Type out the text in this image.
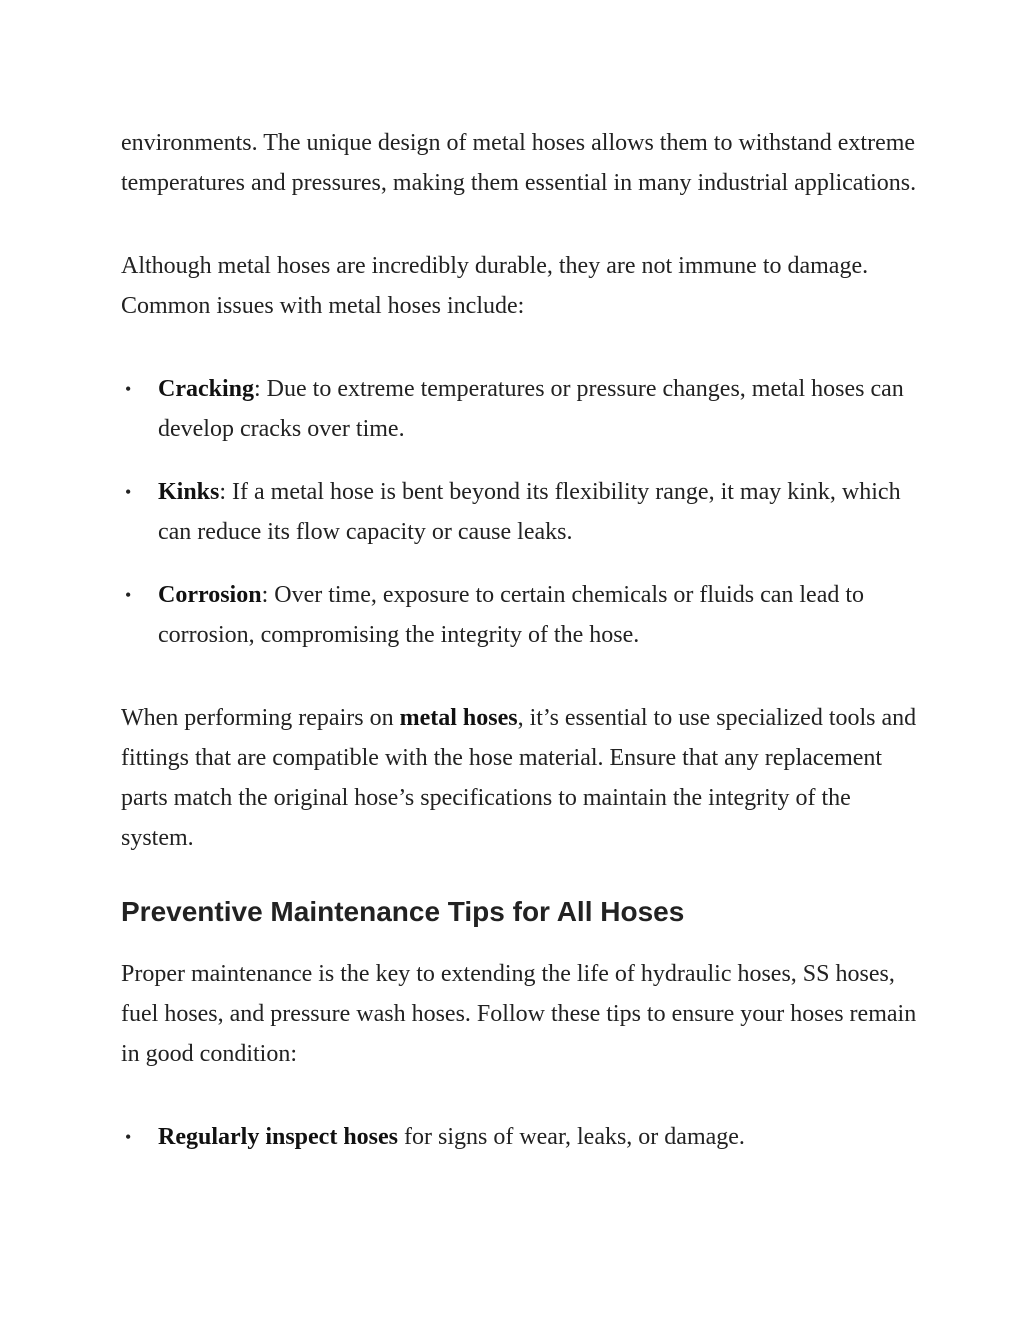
environments. The unique design of metal hoses allows them to withstand extreme temperatures and pressures, making them essential in many industrial applications.

Although metal hoses are incredibly durable, they are not immune to damage. Common issues with metal hoses include:

• Cracking: Due to extreme temperatures or pressure changes, metal hoses can develop cracks over time.
• Kinks: If a metal hose is bent beyond its flexibility range, it may kink, which can reduce its flow capacity or cause leaks.
• Corrosion: Over time, exposure to certain chemicals or fluids can lead to corrosion, compromising the integrity of the hose.

When performing repairs on metal hoses, it’s essential to use specialized tools and fittings that are compatible with the hose material. Ensure that any replacement parts match the original hose’s specifications to maintain the integrity of the system.

Preventive Maintenance Tips for All Hoses

Proper maintenance is the key to extending the life of hydraulic hoses, SS hoses, fuel hoses, and pressure wash hoses. Follow these tips to ensure your hoses remain in good condition:

• Regularly inspect hoses for signs of wear, leaks, or damage.
